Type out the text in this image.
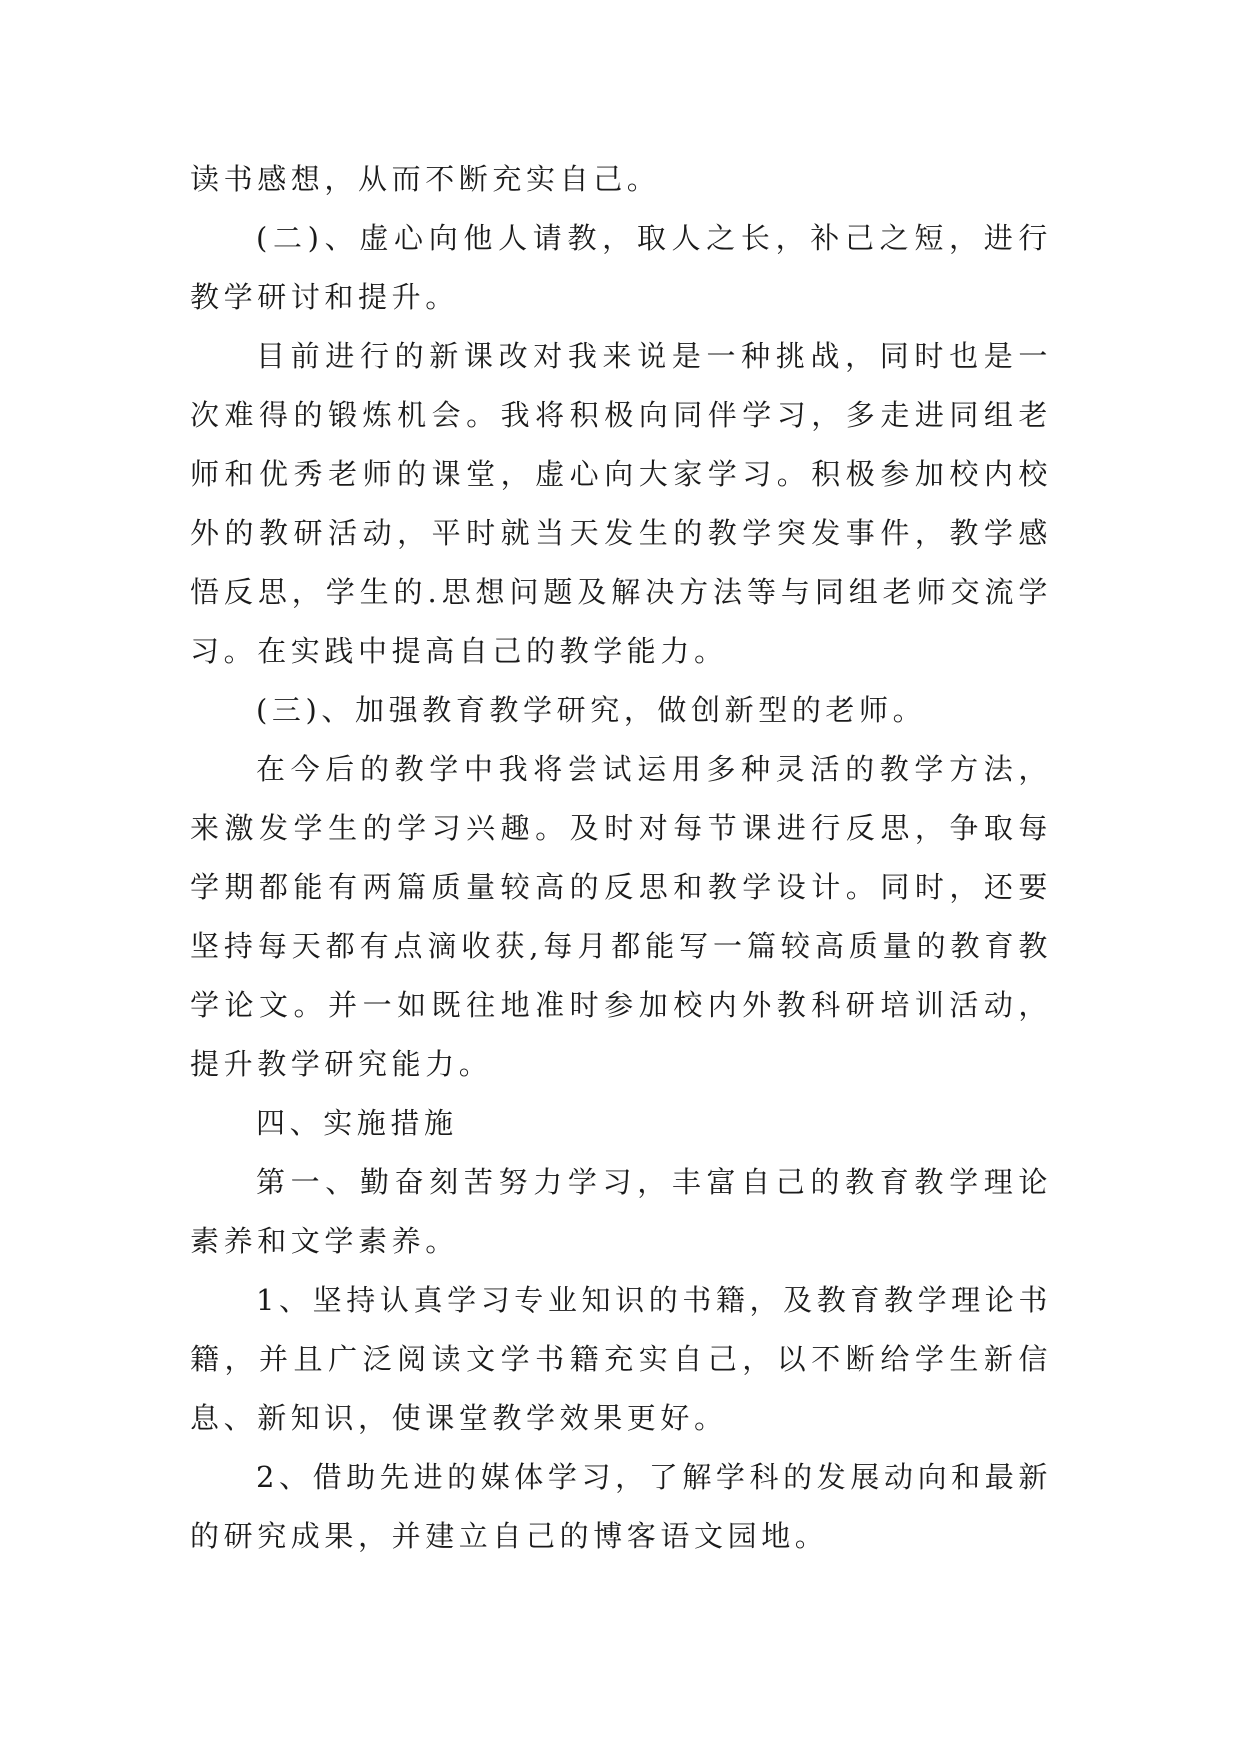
读书感想，从而不断充实自己。

(二)、虚心向他人请教，取人之长，补己之短，进行教学研讨和提升。

目前进行的新课改对我来说是一种挑战，同时也是一次难得的锻炼机会。我将积极向同伴学习，多走进同组老师和优秀老师的课堂，虚心向大家学习。积极参加校内校外的教研活动，平时就当天发生的教学突发事件，教学感悟反思，学生的.思想问题及解决方法等与同组老师交流学习。在实践中提高自己的教学能力。

(三)、加强教育教学研究，做创新型的老师。

在今后的教学中我将尝试运用多种灵活的教学方法，来激发学生的学习兴趣。及时对每节课进行反思，争取每学期都能有两篇质量较高的反思和教学设计。同时，还要坚持每天都有点滴收获,每月都能写一篇较高质量的教育教学论文。并一如既往地准时参加校内外教科研培训活动，提升教学研究能力。

四、实施措施

第一、勤奋刻苦努力学习，丰富自己的教育教学理论素养和文学素养。

1、坚持认真学习专业知识的书籍，及教育教学理论书籍，并且广泛阅读文学书籍充实自己，以不断给学生新信息、新知识，使课堂教学效果更好。

2、借助先进的媒体学习，了解学科的发展动向和最新的研究成果，并建立自己的博客语文园地。
